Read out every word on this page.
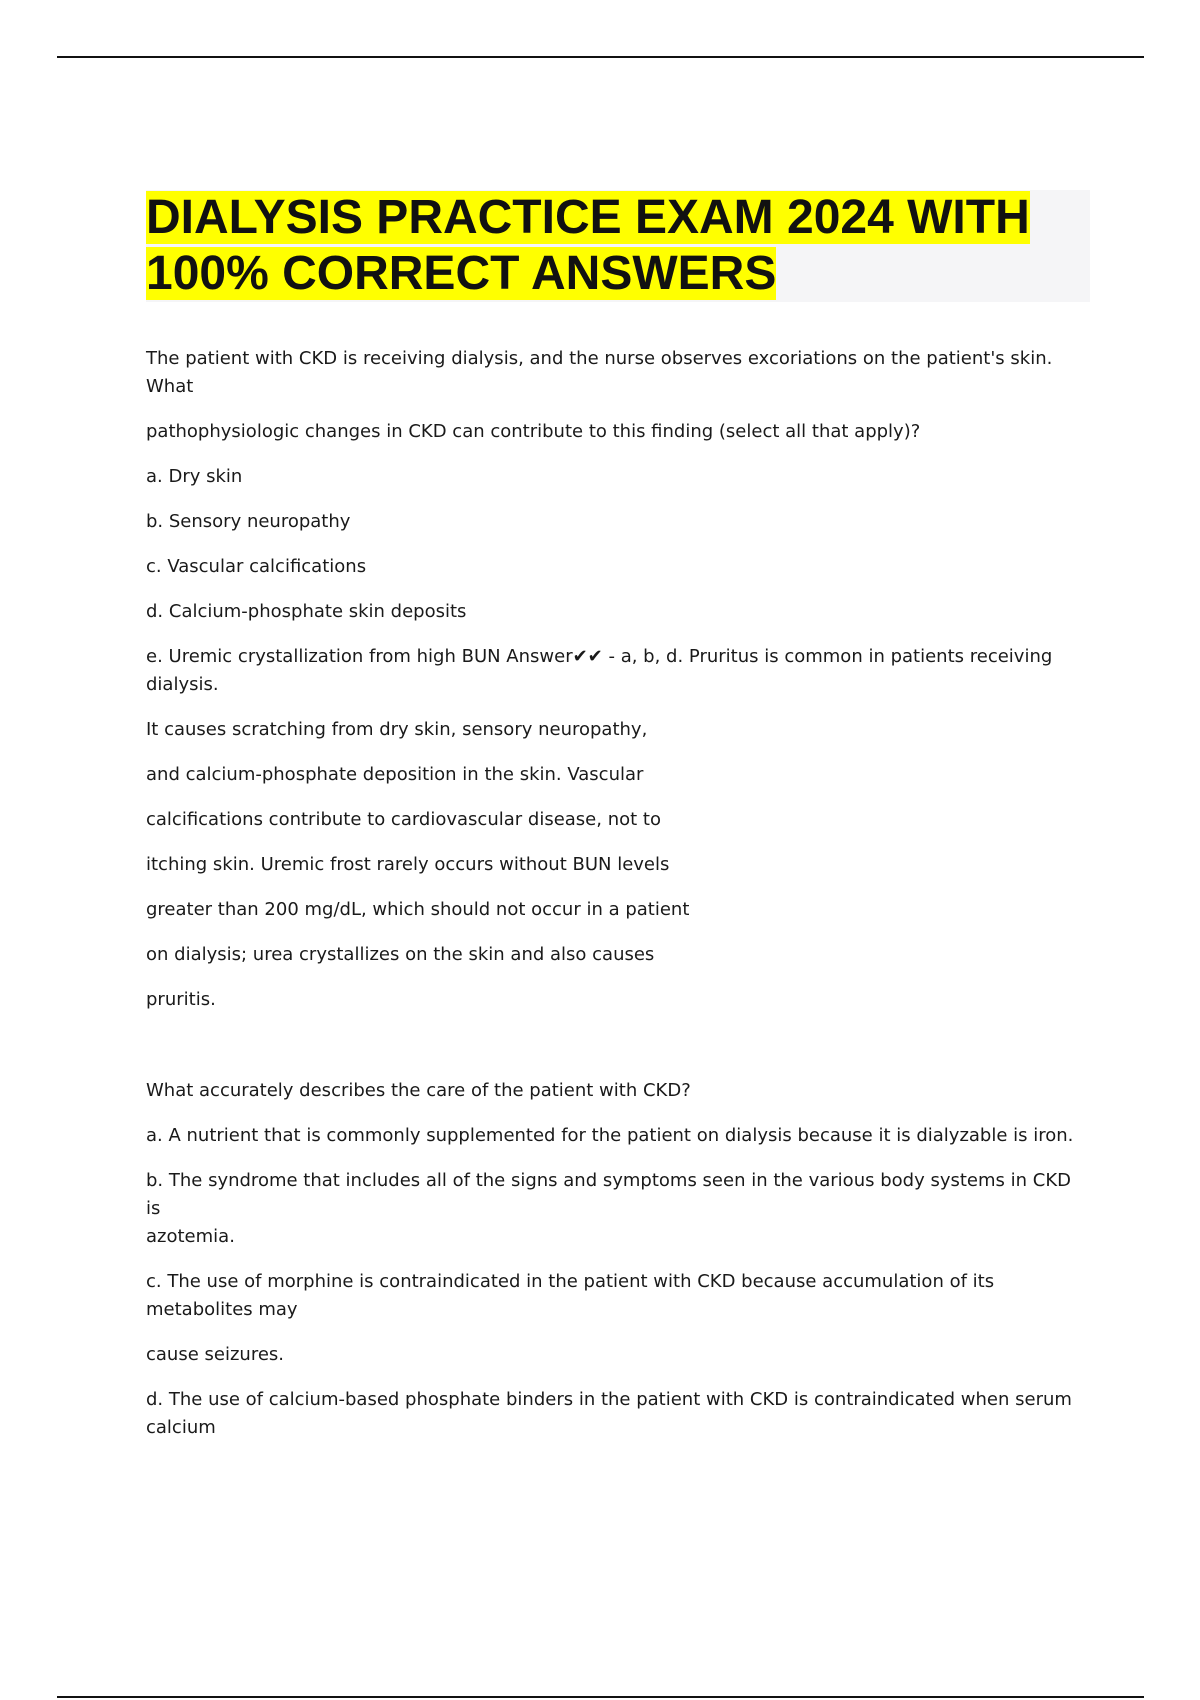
DIALYSIS PRACTICE EXAM 2024 WITH
100% CORRECT ANSWERS

The patient with CKD is receiving dialysis, and the nurse observes excoriations on the patient's skin.

What

pathophysiologic changes in CKD can contribute to this finding (select all that apply)?

a. Dry skin

b. Sensory neuropathy

c. Vascular calcifications

d. Calcium-phosphate skin deposits

e. Uremic crystallization from high BUN Answer✔✔ - a, b, d. Pruritus is common in patients receiving

dialysis.

It causes scratching from dry skin, sensory neuropathy,

and calcium-phosphate deposition in the skin. Vascular

calcifications contribute to cardiovascular disease, not to

itching skin. Uremic frost rarely occurs without BUN levels

greater than 200 mg/dL, which should not occur in a patient

on dialysis; urea crystallizes on the skin and also causes

pruritis.

What accurately describes the care of the patient with CKD?

a. A nutrient that is commonly supplemented for the patient on dialysis because it is dialyzable is iron.

b. The syndrome that includes all of the signs and symptoms seen in the various body systems in CKD is

azotemia.

c. The use of morphine is contraindicated in the patient with CKD because accumulation of its

metabolites may

cause seizures.

d. The use of calcium-based phosphate binders in the patient with CKD is contraindicated when serum

calcium
